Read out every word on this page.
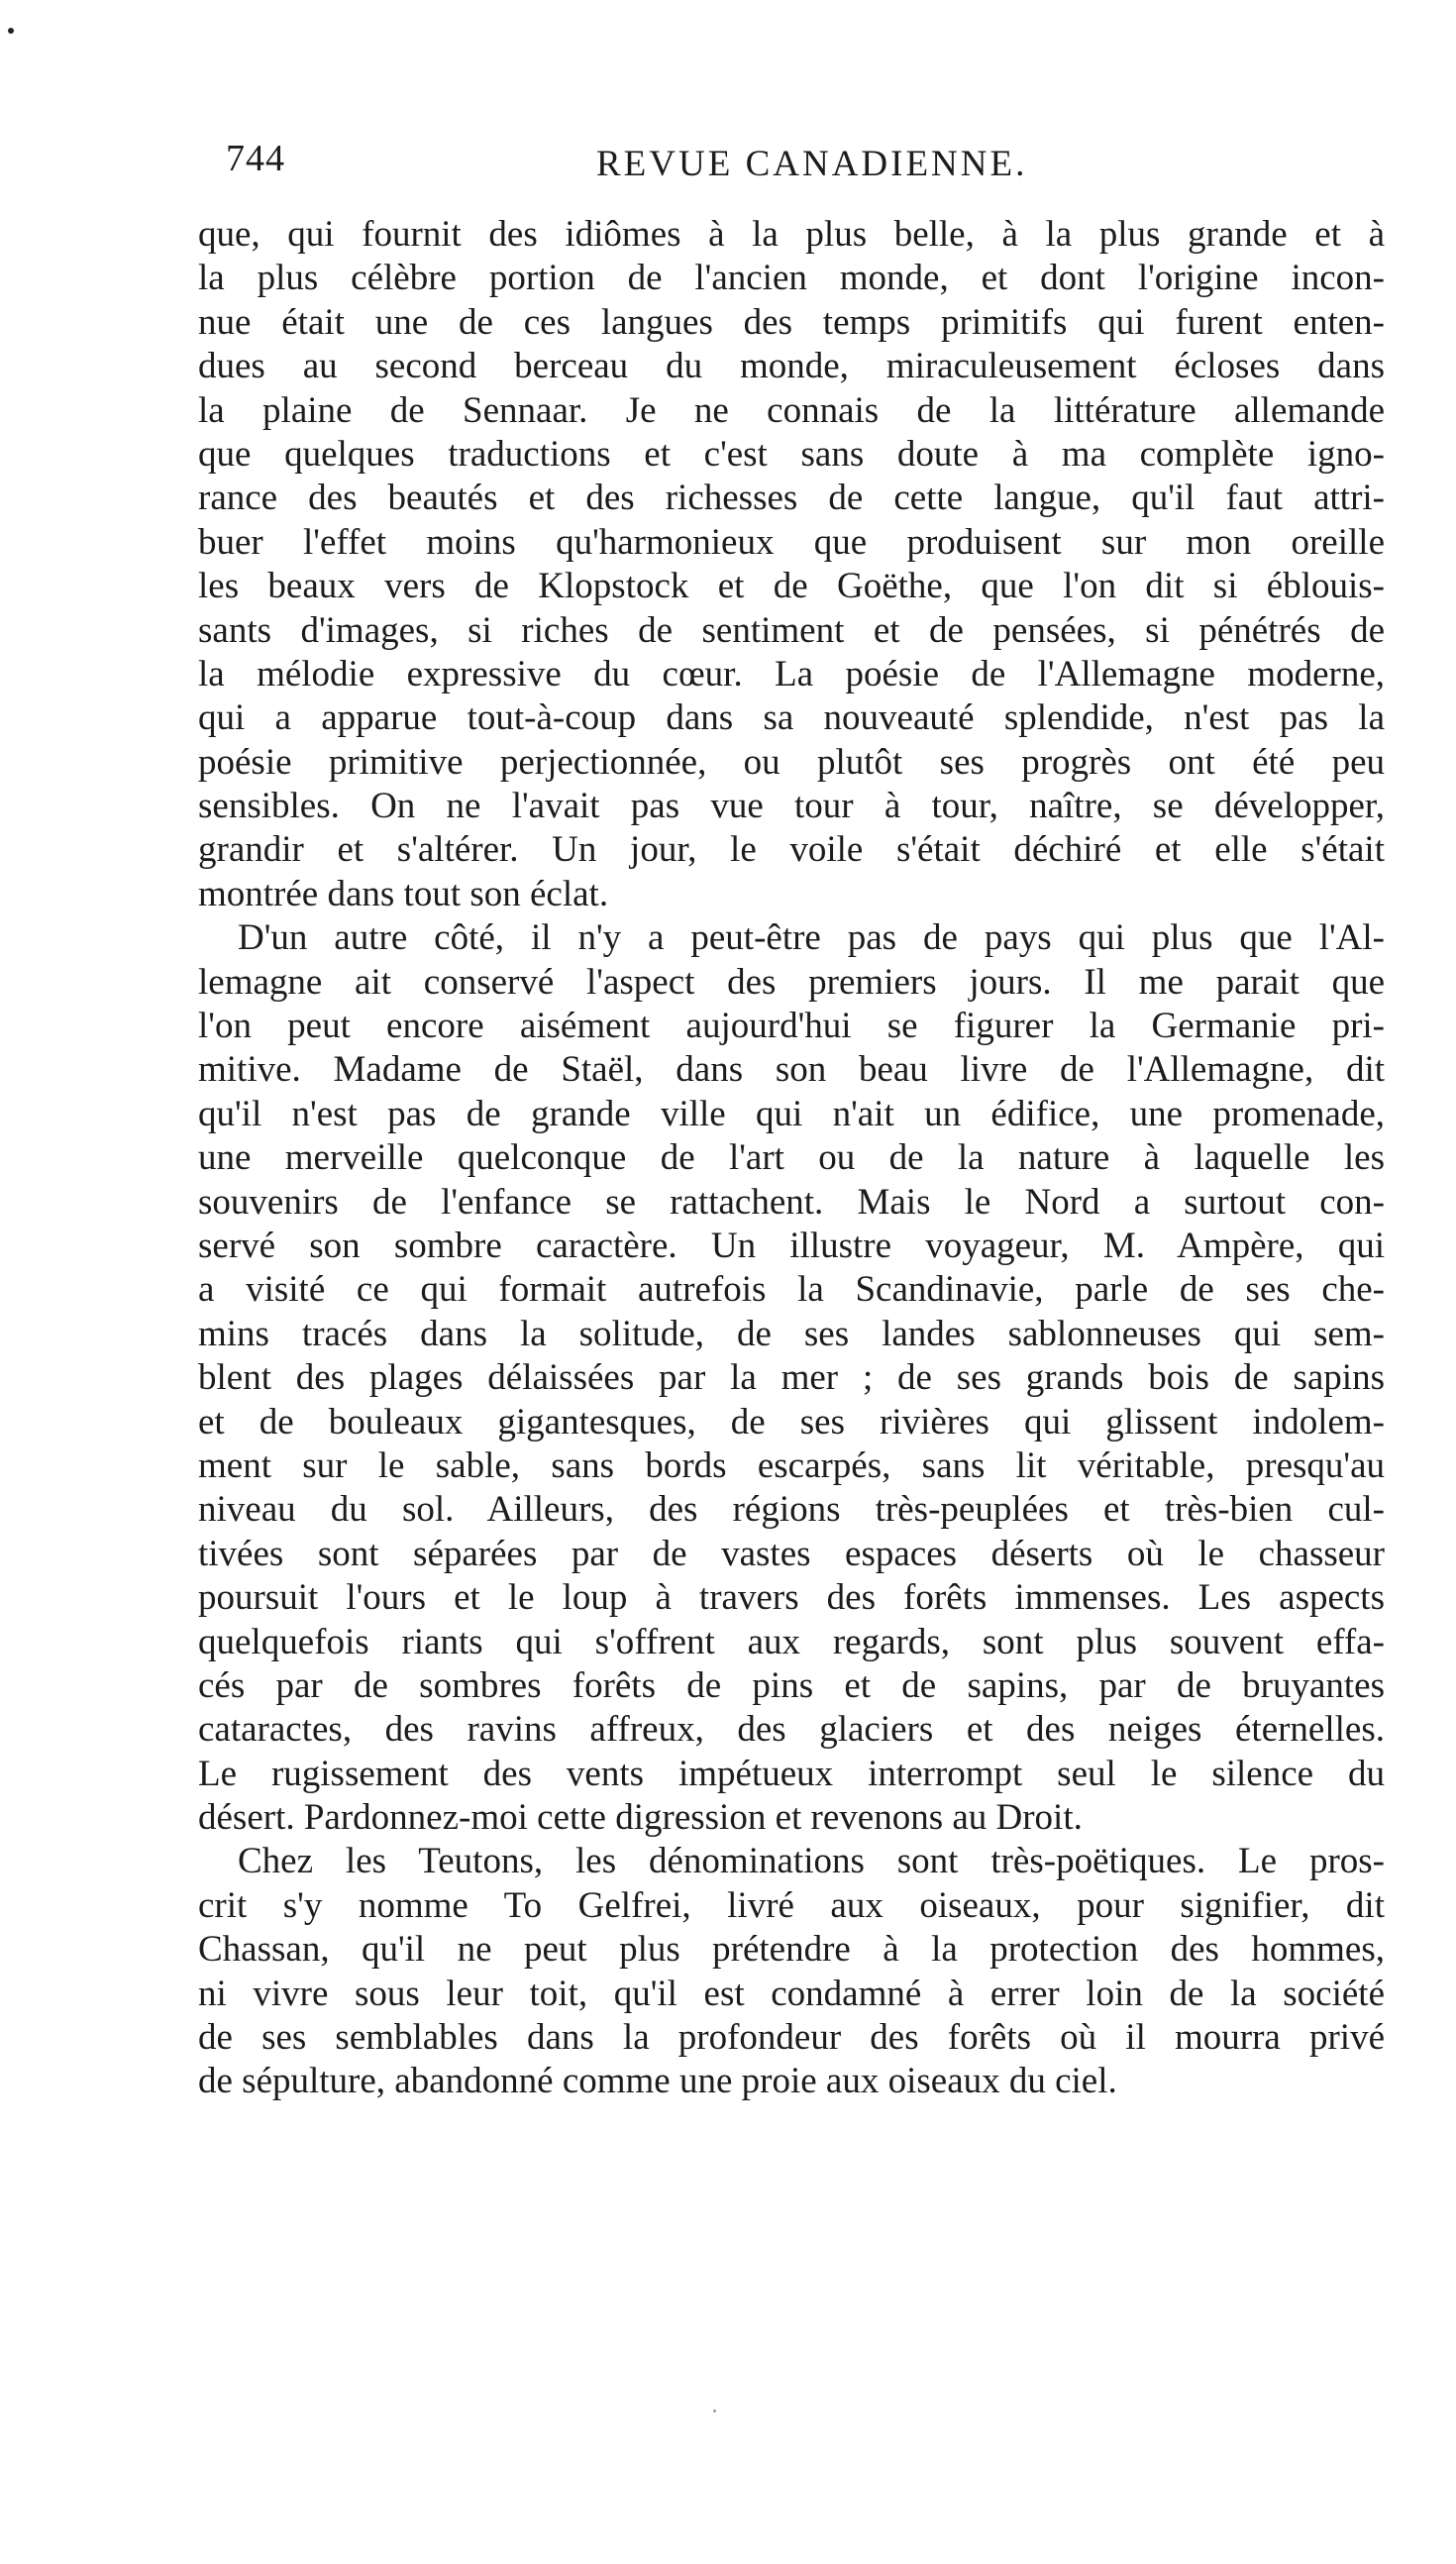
744	REVUE CANADIENNE.
que, qui fournit des idiômes à la plus belle, à la plus grande et à
la plus célèbre portion de l'ancien monde, et dont l'origine incon-
nue était une de ces langues des temps primitifs qui furent enten-
dues au second berceau du monde, miraculeusement écloses dans
la plaine de Sennaar. Je ne connais de la littérature allemande
que quelques traductions et c'est sans doute à ma complète igno-
rance des beautés et des richesses de cette langue, qu'il faut attri-
buer l'effet moins qu'harmonieux que produisent sur mon oreille
les beaux vers de Klopstock et de Goëthe, que l'on dit si éblouis-
sants d'images, si riches de sentiment et de pensées, si pénétrés de
la mélodie expressive du cœur. La poésie de l'Allemagne moderne,
qui a apparue tout-à-coup dans sa nouveauté splendide, n'est pas la
poésie primitive perjectionnée, ou plutôt ses progrès ont été peu
sensibles. On ne l'avait pas vue tour à tour, naître, se développer,
grandir et s'altérer. Un jour, le voile s'était déchiré et elle s'était
montrée dans tout son éclat.
D'un autre côté, il n'y a peut-être pas de pays qui plus que l'Al-
lemagne ait conservé l'aspect des premiers jours. Il me parait que
l'on peut encore aisément aujourd'hui se figurer la Germanie pri-
mitive. Madame de Staël, dans son beau livre de l'Allemagne, dit
qu'il n'est pas de grande ville qui n'ait un édifice, une promenade,
une merveille quelconque de l'art ou de la nature à laquelle les
souvenirs de l'enfance se rattachent. Mais le Nord a surtout con-
servé son sombre caractère. Un illustre voyageur, M. Ampère, qui
a visité ce qui formait autrefois la Scandinavie, parle de ses che-
mins tracés dans la solitude, de ses landes sablonneuses qui sem-
blent des plages délaissées par la mer ; de ses grands bois de sapins
et de bouleaux gigantesques, de ses rivières qui glissent indolem-
ment sur le sable, sans bords escarpés, sans lit véritable, presqu'au
niveau du sol. Ailleurs, des régions très-peuplées et très-bien cul-
tivées sont séparées par de vastes espaces déserts où le chasseur
poursuit l'ours et le loup à travers des forêts immenses. Les aspects
quelquefois riants qui s'offrent aux regards, sont plus souvent effa-
cés par de sombres forêts de pins et de sapins, par de bruyantes
cataractes, des ravins affreux, des glaciers et des neiges éternelles.
Le rugissement des vents impétueux interrompt seul le silence du
désert. Pardonnez-moi cette digression et revenons au Droit.
Chez les Teutons, les dénominations sont très-poëtiques. Le pros-
crit s'y nomme To Gelfrei, livré aux oiseaux, pour signifier, dit
Chassan, qu'il ne peut plus prétendre à la protection des hommes,
ni vivre sous leur toit, qu'il est condamné à errer loin de la société
de ses semblables dans la profondeur des forêts où il mourra privé
de sépulture, abandonné comme une proie aux oiseaux du ciel.
